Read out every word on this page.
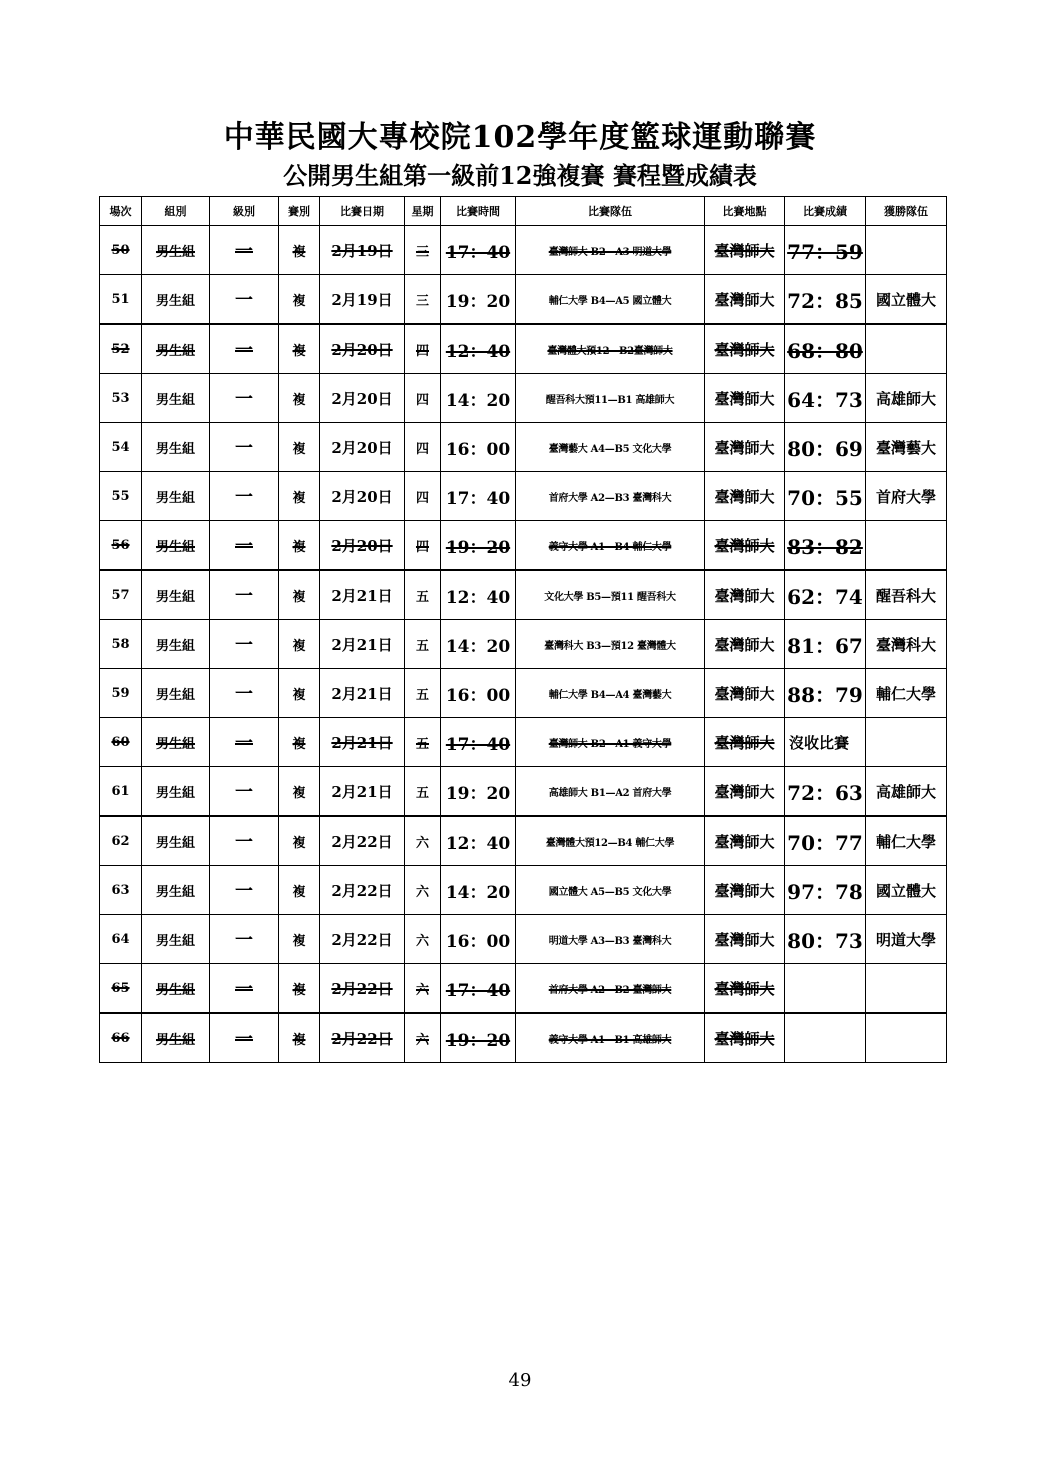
中華民國大專校院102學年度籃球運動聯賽
公開男生組第一級前12強複賽 賽程暨成績表
場次	組別	級別	賽別	比賽日期	星期	比賽時間	比賽隊伍	比賽地點	比賽成績	獲勝隊伍
50	男生組	一	複	2月19日	三	17：40	臺灣師大 B2—A3 明道大學	臺灣師大	77：59	
51	男生組	一	複	2月19日	三	19：20	輔仁大學 B4—A5 國立體大	臺灣師大	72：85	國立體大
52	男生組	一	複	2月20日	四	12：40	臺灣體大預12—B2臺灣師大	臺灣師大	68：80	
53	男生組	一	複	2月20日	四	14：20	醒吾科大預11—B1 高雄師大	臺灣師大	64：73	高雄師大
54	男生組	一	複	2月20日	四	16：00	臺灣藝大 A4—B5 文化大學	臺灣師大	80：69	臺灣藝大
55	男生組	一	複	2月20日	四	17：40	首府大學 A2—B3 臺灣科大	臺灣師大	70：55	首府大學
56	男生組	一	複	2月20日	四	19：20	義守大學 A1—B4 輔仁大學	臺灣師大	83：82	
57	男生組	一	複	2月21日	五	12：40	文化大學 B5—預11 醒吾科大	臺灣師大	62：74	醒吾科大
58	男生組	一	複	2月21日	五	14：20	臺灣科大 B3—預12 臺灣體大	臺灣師大	81：67	臺灣科大
59	男生組	一	複	2月21日	五	16：00	輔仁大學 B4—A4 臺灣藝大	臺灣師大	88：79	輔仁大學
60	男生組	一	複	2月21日	五	17：40	臺灣師大 B2—A1 義守大學	臺灣師大	沒收比賽	
61	男生組	一	複	2月21日	五	19：20	高雄師大 B1—A2 首府大學	臺灣師大	72：63	高雄師大
62	男生組	一	複	2月22日	六	12：40	臺灣體大預12—B4 輔仁大學	臺灣師大	70：77	輔仁大學
63	男生組	一	複	2月22日	六	14：20	國立體大 A5—B5 文化大學	臺灣師大	97：78	國立體大
64	男生組	一	複	2月22日	六	16：00	明道大學 A3—B3 臺灣科大	臺灣師大	80：73	明道大學
65	男生組	一	複	2月22日	六	17：40	首府大學 A2—B2 臺灣師大	臺灣師大		
66	男生組	一	複	2月22日	六	19：20	義守大學 A1—B1 高雄師大	臺灣師大		
49
